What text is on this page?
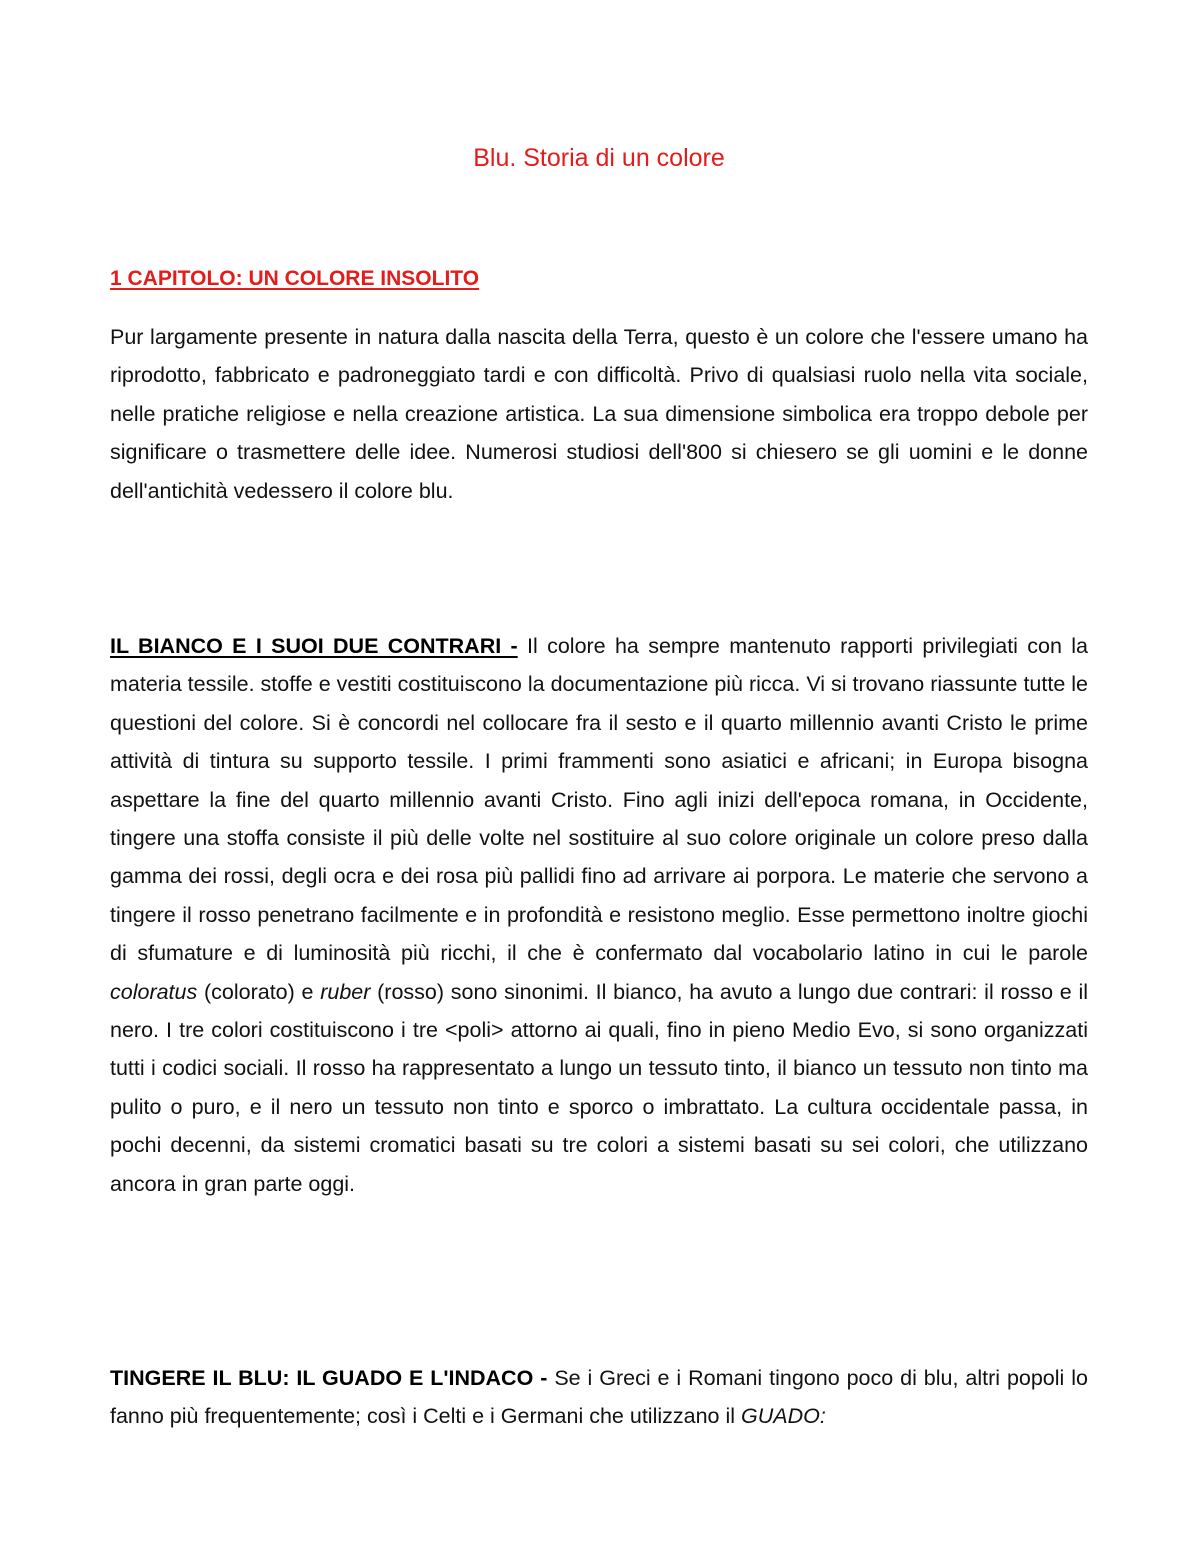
Blu. Storia di un colore
1 CAPITOLO: UN COLORE INSOLITO

Pur largamente presente in natura dalla nascita della Terra, questo è un colore che l'essere umano ha riprodotto, fabbricato e padroneggiato tardi e con difficoltà. Privo di qualsiasi ruolo nella vita sociale, nelle pratiche religiose e nella creazione artistica. La sua dimensione simbolica era troppo debole per significare o trasmettere delle idee. Numerosi studiosi dell'800 si chiesero se gli uomini e le donne dell'antichità vedessero il colore blu.

IL BIANCO E I SUOI DUE CONTRARI - Il colore ha sempre mantenuto rapporti privilegiati con la materia tessile. stoffe e vestiti costituiscono la documentazione più ricca. Vi si trovano riassunte tutte le questioni del colore. Si è concordi nel collocare fra il sesto e il quarto millennio avanti Cristo le prime attività di tintura su supporto tessile. I primi frammenti sono asiatici e africani; in Europa bisogna aspettare la fine del quarto millennio avanti Cristo. Fino agli inizi dell'epoca romana, in Occidente, tingere una stoffa consiste il più delle volte nel sostituire al suo colore originale un colore preso dalla gamma dei rossi, degli ocra e dei rosa più pallidi fino ad arrivare ai porpora. Le materie che servono a tingere il rosso penetrano facilmente e in profondità e resistono meglio. Esse permettono inoltre giochi di sfumature e di luminosità più ricchi, il che è confermato dal vocabolario latino in cui le parole coloratus (colorato) e ruber (rosso) sono sinonimi. Il bianco, ha avuto a lungo due contrari: il rosso e il nero. I tre colori costituiscono i tre <poli> attorno ai quali, fino in pieno Medio Evo, si sono organizzati tutti i codici sociali. Il rosso ha rappresentato a lungo un tessuto tinto, il bianco un tessuto non tinto ma pulito o puro, e il nero un tessuto non tinto e sporco o imbrattato. La cultura occidentale passa, in pochi decenni, da sistemi cromatici basati su tre colori a sistemi basati su sei colori, che utilizzano ancora in gran parte oggi.

TINGERE IL BLU: IL GUADO E L'INDACO - Se i Greci e i Romani tingono poco di blu, altri popoli lo fanno più frequentemente; così i Celti e i Germani che utilizzano il GUADO:
